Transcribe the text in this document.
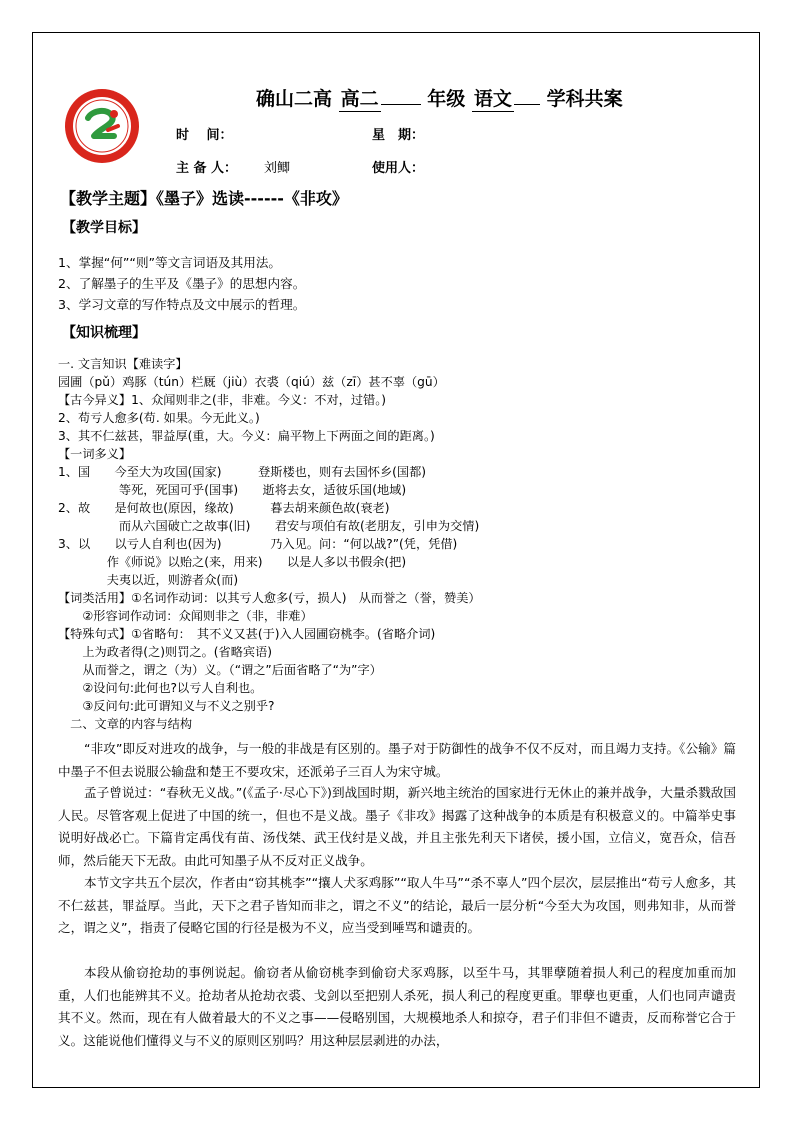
确山二高 高二	年级 语文 学科共案
时　 间：	星　期：
主 备 人： 刘鲫	使用人：
【教学主题】《墨子》选读------《非攻》
【教学目标】
1、掌握“何”“则”等文言词语及其用法。
2、了解墨子的生平及《墨子》的思想内容。
3、学习文章的写作特点及文中展示的哲理。
【知识梳理】
一. 文言知识【难读字】
园圃（pǔ）鸡豚（tún）栏厩（jiù）衣裘（qiú）兹（zī）甚不辜（gū）
【古今异义】1、众闻则非之(非，非难。今义：不对，过错。)
2、苟亏人愈多(苟. 如果。今无此义。)
3、其不仁兹甚，罪益厚(重，大。今义：扁平物上下两面之间的距离。)
【一词多义】
1、国　　今至大为攻国(国家)　　　登斯楼也，则有去国怀乡(国都)
　　　　　等死，死国可乎(国事)　　逝将去女，适彼乐国(地域)
2、故　　是何故也(原因，缘故)　　　暮去胡来颜色故(衰老)
　　　　　而从六国破亡之故事(旧)　　君安与项伯有故(老朋友，引申为交情)
3、以　　以亏人自利也(因为)　　　　乃入见。问：“何以战?”(凭，凭借)
　　　　作《师说》以贻之(来，用来)　　以是人多以书假余(把)
　　　　夫夷以近，则游者众(而)
【词类活用】①名词作动词：以其亏人愈多(亏，损人)　从而誉之（誉，赞美）
　　②形容词作动词：众闻则非之（非，非难）
【特殊句式】①省略句：　其不义又甚(于)入人园圃窃桃李。(省略介词)
　　上为政者得(之)则罚之。(省略宾语)
　　从而誉之，谓之（为）义。（“谓之”后面省略了“为”字）
　　②设问句:此何也?以亏人自利也。
　　③反问句:此可谓知义与不义之别乎?
　二、文章的内容与结构
“非攻”即反对进攻的战争，与一般的非战是有区别的。墨子对于防御性的战争不仅不反对，而且竭力支持。《公输》篇中墨子不但去说服公输盘和楚王不要攻宋，还派弟子三百人为宋守城。
孟子曾说过：“春秋无义战。”(《孟子·尽心下》)到战国时期，新兴地主统治的国家进行无休止的兼并战争，大量杀戮敌国人民。尽管客观上促进了中国的统一，但也不是义战。墨子《非攻》揭露了这种战争的本质是有积极意义的。中篇举史事说明好战必亡。下篇肯定禹伐有苗、汤伐桀、武王伐纣是义战，并且主张先利天下诸侯，援小国，立信义，宽吾众，信吾师，然后能天下无敌。由此可知墨子从不反对正义战争。
本节文字共五个层次，作者由“窃其桃李”“攘人犬豕鸡豚”“取人牛马”“杀不辜人”四个层次，层层推出“苟亏人愈多，其不仁兹甚，罪益厚。当此，天下之君子皆知而非之，谓之不义”的结论，最后一层分析“今至大为攻国，则弗知非，从而誉之，谓之义”，指责了侵略它国的行径是极为不义，应当受到唾骂和谴责的。
本段从偷窃抢劫的事例说起。偷窃者从偷窃桃李到偷窃犬豕鸡豚，以至牛马，其罪孽随着损人利己的程度加重而加重，人们也能辨其不义。抢劫者从抢劫衣裘、戈剑以至把别人杀死，损人利己的程度更重。罪孽也更重，人们也同声谴责其不义。然而，现在有人做着最大的不义之事——侵略别国，大规模地杀人和掠夺，君子们非但不谴责，反而称誉它合于义。这能说他们懂得义与不义的原则区别吗？用这种层层剥进的办法，
